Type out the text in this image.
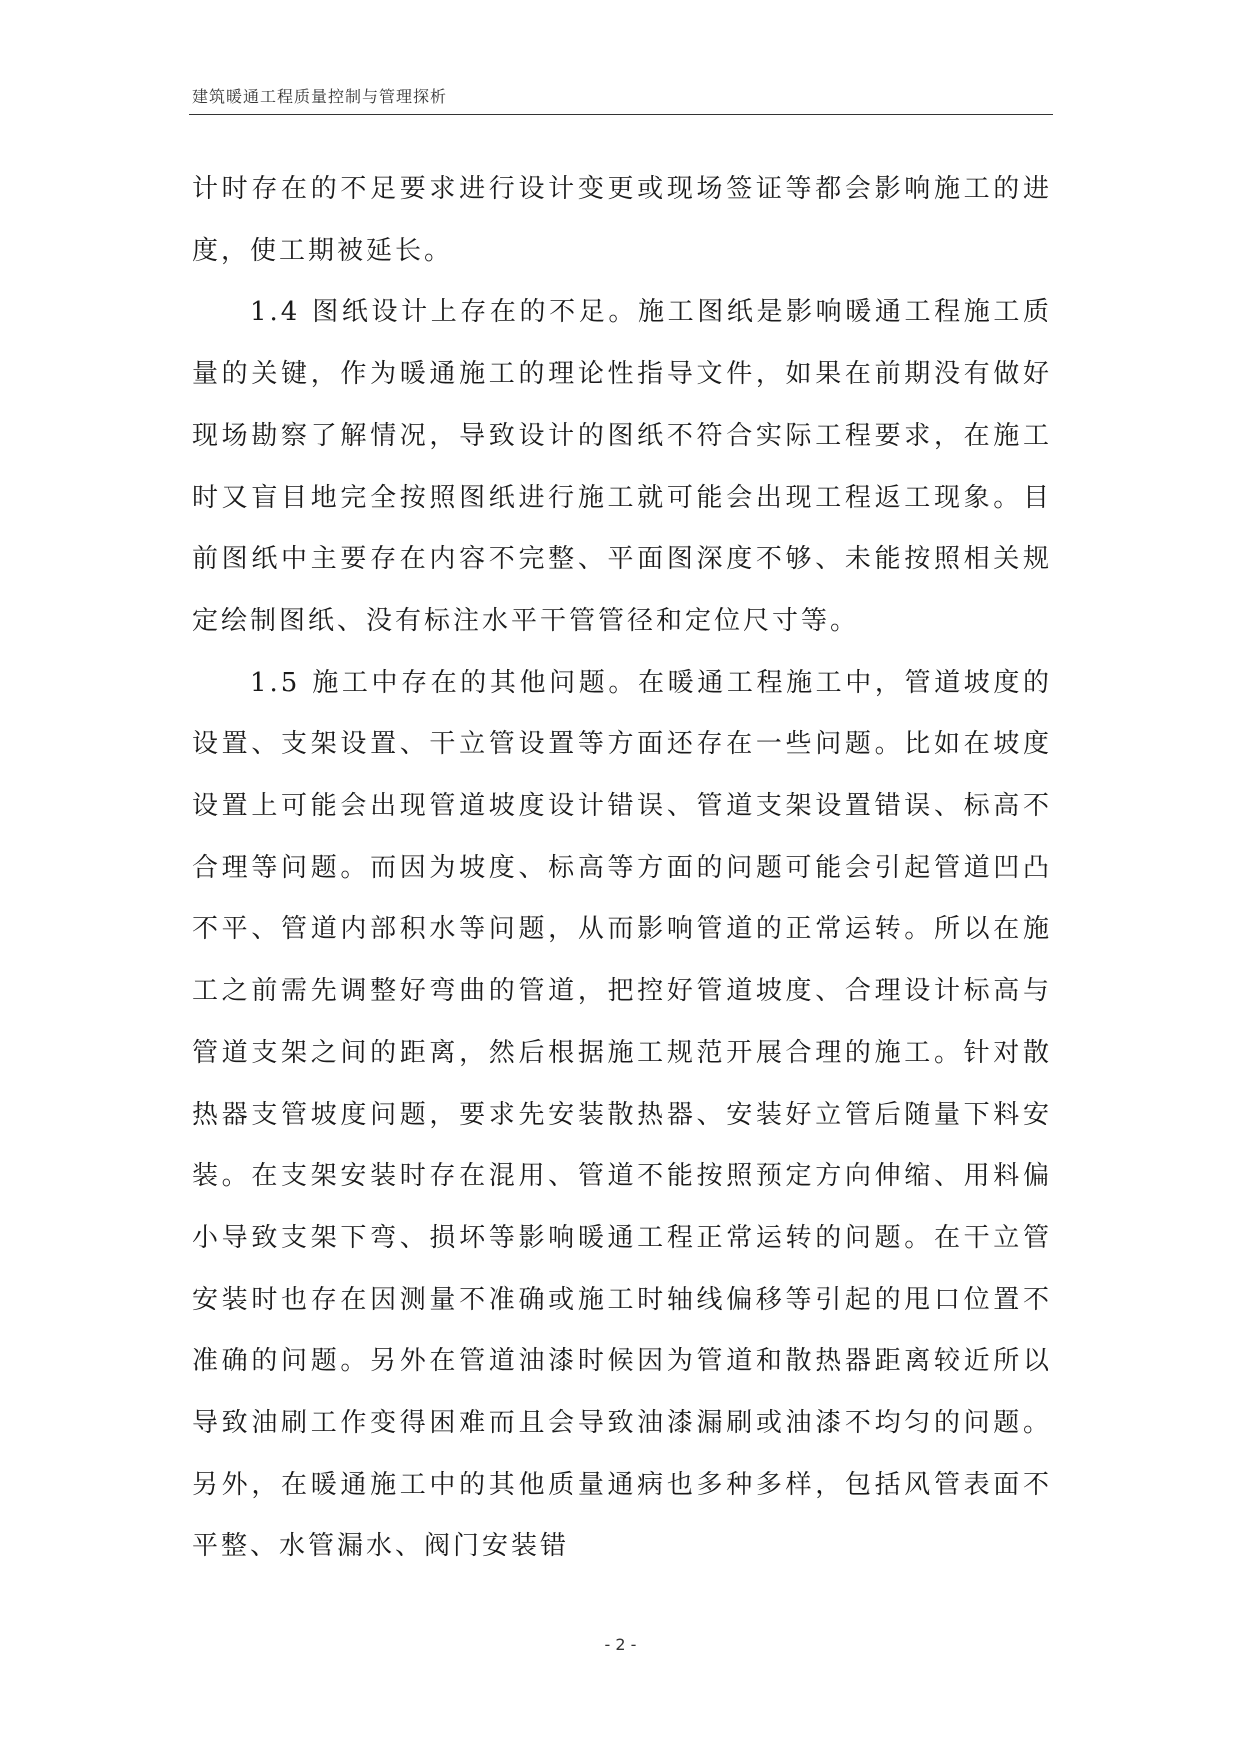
建筑暖通工程质量控制与管理探析

计时存在的不足要求进行设计变更或现场签证等都会影响施工的进度，使工期被延长。

1.4 图纸设计上存在的不足。施工图纸是影响暖通工程施工质量的关键，作为暖通施工的理论性指导文件，如果在前期没有做好现场勘察了解情况，导致设计的图纸不符合实际工程要求，在施工时又盲目地完全按照图纸进行施工就可能会出现工程返工现象。目前图纸中主要存在内容不完整、平面图深度不够、未能按照相关规定绘制图纸、没有标注水平干管管径和定位尺寸等。

1.5 施工中存在的其他问题。在暖通工程施工中，管道坡度的设置、支架设置、干立管设置等方面还存在一些问题。比如在坡度设置上可能会出现管道坡度设计错误、管道支架设置错误、标高不合理等问题。而因为坡度、标高等方面的问题可能会引起管道凹凸不平、管道内部积水等问题，从而影响管道的正常运转。所以在施工之前需先调整好弯曲的管道，把控好管道坡度、合理设计标高与管道支架之间的距离，然后根据施工规范开展合理的施工。针对散热器支管坡度问题，要求先安装散热器、安装好立管后随量下料安装。在支架安装时存在混用、管道不能按照预定方向伸缩、用料偏小导致支架下弯、损坏等影响暖通工程正常运转的问题。在干立管安装时也存在因测量不准确或施工时轴线偏移等引起的甩口位置不准确的问题。另外在管道油漆时候因为管道和散热器距离较近所以导致油刷工作变得困难而且会导致油漆漏刷或油漆不均匀的问题。另外，在暖通施工中的其他质量通病也多种多样，包括风管表面不平整、水管漏水、阀门安装错

- 2 -
